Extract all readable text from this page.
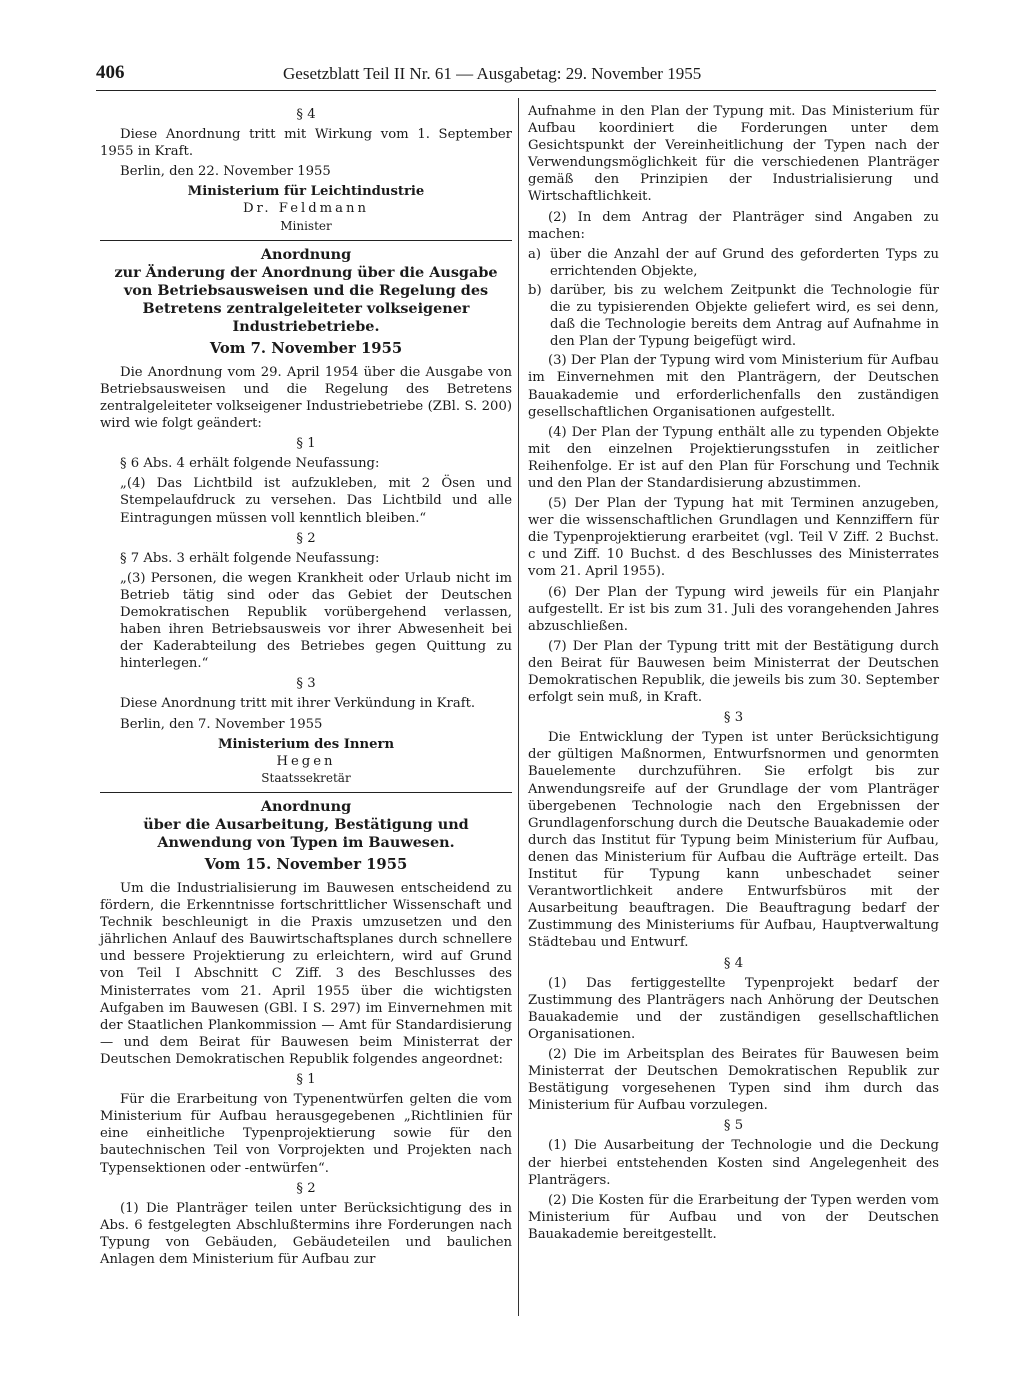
406	Gesetzblatt Teil II Nr. 61 — Ausgabetag: 29. November 1955

§ 4

Diese Anordnung tritt mit Wirkung vom 1. September 1955 in Kraft.

Berlin, den 22. November 1955

Ministerium für Leichtindustrie

Dr. Feldmann

Minister

Anordnung

zur Änderung der Anordnung über die Ausgabe von Betriebsausweisen und die Regelung des Betretens zentralgeleiteter volkseigener Industriebetriebe.

Vom 7. November 1955

Die Anordnung vom 29. April 1954 über die Ausgabe von Betriebsausweisen und die Regelung des Betretens zentralgeleiteter volkseigener Industriebetriebe (ZBl. S. 200) wird wie folgt geändert:

§ 1

§ 6 Abs. 4 erhält folgende Neufassung:

„(4) Das Lichtbild ist aufzukleben, mit 2 Ösen und Stempelaufdruck zu versehen. Das Lichtbild und alle Eintragungen müssen voll kenntlich bleiben.“

§ 2

§ 7 Abs. 3 erhält folgende Neufassung:

„(3) Personen, die wegen Krankheit oder Urlaub nicht im Betrieb tätig sind oder das Gebiet der Deutschen Demokratischen Republik vorübergehend verlassen, haben ihren Betriebsausweis vor ihrer Abwesenheit bei der Kaderabteilung des Betriebes gegen Quittung zu hinterlegen.“

§ 3

Diese Anordnung tritt mit ihrer Verkündung in Kraft.

Berlin, den 7. November 1955

Ministerium des Innern

Hegen

Staatssekretär

Anordnung

über die Ausarbeitung, Bestätigung und Anwendung von Typen im Bauwesen.

Vom 15. November 1955

Um die Industrialisierung im Bauwesen entscheidend zu fördern, die Erkenntnisse fortschrittlicher Wissenschaft und Technik beschleunigt in die Praxis umzusetzen und den jährlichen Anlauf des Bauwirtschaftsplanes durch schnellere und bessere Projektierung zu erleichtern, wird auf Grund von Teil I Abschnitt C Ziff. 3 des Beschlusses des Ministerrates vom 21. April 1955 über die wichtigsten Aufgaben im Bauwesen (GBl. I S. 297) im Einvernehmen mit der Staatlichen Plankommission — Amt für Standardisierung — und dem Beirat für Bauwesen beim Ministerrat der Deutschen Demokratischen Republik folgendes angeordnet:

§ 1

Für die Erarbeitung von Typenentwürfen gelten die vom Ministerium für Aufbau herausgegebenen „Richtlinien für eine einheitliche Typenprojektierung sowie für den bautechnischen Teil von Vorprojekten und Projekten nach Typensektionen oder -entwürfen“.

§ 2

(1) Die Planträger teilen unter Berücksichtigung des in Abs. 6 festgelegten Abschlußtermins ihre Forderungen nach Typung von Gebäuden, Gebäudeteilen und baulichen Anlagen dem Ministerium für Aufbau zur

Aufnahme in den Plan der Typung mit. Das Ministerium für Aufbau koordiniert die Forderungen unter dem Gesichtspunkt der Vereinheitlichung der Typen nach der Verwendungsmöglichkeit für die verschiedenen Planträger gemäß den Prinzipien der Industrialisierung und Wirtschaftlichkeit.

(2) In dem Antrag der Planträger sind Angaben zu machen:

a) über die Anzahl der auf Grund des geforderten Typs zu errichtenden Objekte,
b) darüber, bis zu welchem Zeitpunkt die Technologie für die zu typisierenden Objekte geliefert wird, es sei denn, daß die Technologie bereits dem Antrag auf Aufnahme in den Plan der Typung beigefügt wird.

(3) Der Plan der Typung wird vom Ministerium für Aufbau im Einvernehmen mit den Planträgern, der Deutschen Bauakademie und erforderlichenfalls den zuständigen gesellschaftlichen Organisationen aufgestellt.

(4) Der Plan der Typung enthält alle zu typenden Objekte mit den einzelnen Projektierungsstufen in zeitlicher Reihenfolge. Er ist auf den Plan für Forschung und Technik und den Plan der Standardisierung abzustimmen.

(5) Der Plan der Typung hat mit Terminen anzugeben, wer die wissenschaftlichen Grundlagen und Kennziffern für die Typenprojektierung erarbeitet (vgl. Teil V Ziff. 2 Buchst. c und Ziff. 10 Buchst. d des Beschlusses des Ministerrates vom 21. April 1955).

(6) Der Plan der Typung wird jeweils für ein Planjahr aufgestellt. Er ist bis zum 31. Juli des vorangehenden Jahres abzuschließen.

(7) Der Plan der Typung tritt mit der Bestätigung durch den Beirat für Bauwesen beim Ministerrat der Deutschen Demokratischen Republik, die jeweils bis zum 30. September erfolgt sein muß, in Kraft.

§ 3

Die Entwicklung der Typen ist unter Berücksichtigung der gültigen Maßnormen, Entwurfsnormen und genormten Bauelemente durchzuführen. Sie erfolgt bis zur Anwendungsreife auf der Grundlage der vom Planträger übergebenen Technologie nach den Ergebnissen der Grundlagenforschung durch die Deutsche Bauakademie oder durch das Institut für Typung beim Ministerium für Aufbau, denen das Ministerium für Aufbau die Aufträge erteilt. Das Institut für Typung kann unbeschadet seiner Verantwortlichkeit andere Entwurfsbüros mit der Ausarbeitung beauftragen. Die Beauftragung bedarf der Zustimmung des Ministeriums für Aufbau, Hauptverwaltung Städtebau und Entwurf.

§ 4

(1) Das fertiggestellte Typenprojekt bedarf der Zustimmung des Planträgers nach Anhörung der Deutschen Bauakademie und der zuständigen gesellschaftlichen Organisationen.

(2) Die im Arbeitsplan des Beirates für Bauwesen beim Ministerrat der Deutschen Demokratischen Republik zur Bestätigung vorgesehenen Typen sind ihm durch das Ministerium für Aufbau vorzulegen.

§ 5

(1) Die Ausarbeitung der Technologie und die Deckung der hierbei entstehenden Kosten sind Angelegenheit des Planträgers.

(2) Die Kosten für die Erarbeitung der Typen werden vom Ministerium für Aufbau und von der Deutschen Bauakademie bereitgestellt.
